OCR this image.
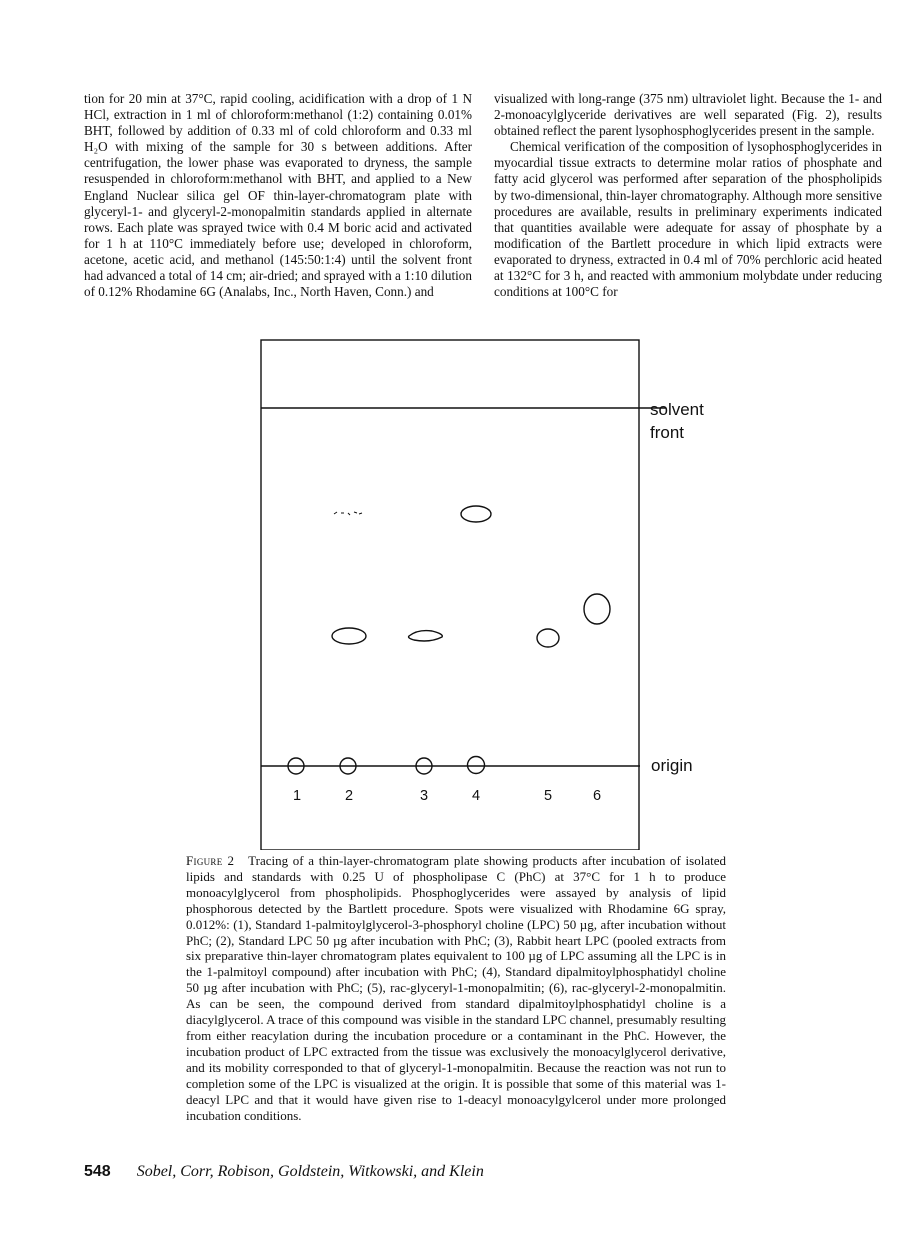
tion for 20 min at 37°C, rapid cooling, acidification with a drop of 1 N HCl, extraction in 1 ml of chloroform:methanol (1:2) containing 0.01% BHT, followed by addition of 0.33 ml of cold chloroform and 0.33 ml H₂O with mixing of the sample for 30 s between additions. After centrifugation, the lower phase was evaporated to dryness, the sample resuspended in chloroform:methanol with BHT, and applied to a New England Nuclear silica gel OF thin-layer-chromatogram plate with glyceryl-1- and glyceryl-2-monopalmitin standards applied in alternate rows. Each plate was sprayed twice with 0.4 M boric acid and activated for 1 h at 110°C immediately before use; developed in chloroform, acetone, acetic acid, and methanol (145:50:1:4) until the solvent front had advanced a total of 14 cm; air-dried; and sprayed with a 1:10 dilution of 0.12% Rhodamine 6G (Analabs, Inc., North Haven, Conn.) and

visualized with long-range (375 nm) ultraviolet light. Because the 1- and 2-monoacylglyceride derivatives are well separated (Fig. 2), results obtained reflect the parent lysophosphoglycerides present in the sample.

Chemical verification of the composition of lysophosphoglycerides in myocardial tissue extracts to determine molar ratios of phosphate and fatty acid glycerol was performed after separation of the phospholipids by two-dimensional, thin-layer chromatography. Although more sensitive procedures are available, results in preliminary experiments indicated that quantities available were adequate for assay of phosphate by a modification of the Bartlett procedure in which lipid extracts were evaporated to dryness, extracted in 0.4 ml of 70% perchloric acid heated at 132°C for 3 h, and reacted with ammonium molybdate under reducing conditions at 100°C for

solvent
front
origin
1	2	3	4	5	6
Figure 2 Tracing of a thin-layer-chromatogram plate showing products after incubation of isolated lipids and standards with 0.25 U of phospholipase C (PhC) at 37°C for 1 h to produce monoacylglycerol from phospholipids. Phosphoglycerides were assayed by analysis of lipid phosphorous detected by the Bartlett procedure. Spots were visualized with Rhodamine 6G spray, 0.012%: (1), Standard 1-palmitoylglycerol-3-phosphoryl choline (LPC) 50 µg, after incubation without PhC; (2), Standard LPC 50 µg after incubation with PhC; (3), Rabbit heart LPC (pooled extracts from six preparative thin-layer chromatogram plates equivalent to 100 µg of LPC assuming all the LPC is in the 1-palmitoyl compound) after incubation with PhC; (4), Standard dipalmitoylphosphatidyl choline 50 µg after incubation with PhC; (5), rac-glyceryl-1-monopalmitin; (6), rac-glyceryl-2-monopalmitin. As can be seen, the compound derived from standard dipalmitoylphosphatidyl choline is a diacylglycerol. A trace of this compound was visible in the standard LPC channel, presumably resulting from either reacylation during the incubation procedure or a contaminant in the PhC. However, the incubation product of LPC extracted from the tissue was exclusively the monoacylglycerol derivative, and its mobility corresponded to that of glyceryl-1-monopalmitin. Because the reaction was not run to completion some of the LPC is visualized at the origin. It is possible that some of this material was 1-deacyl LPC and that it would have given rise to 1-deacyl monoacylgylcerol under more prolonged incubation conditions.
548 Sobel, Corr, Robison, Goldstein, Witkowski, and Klein
